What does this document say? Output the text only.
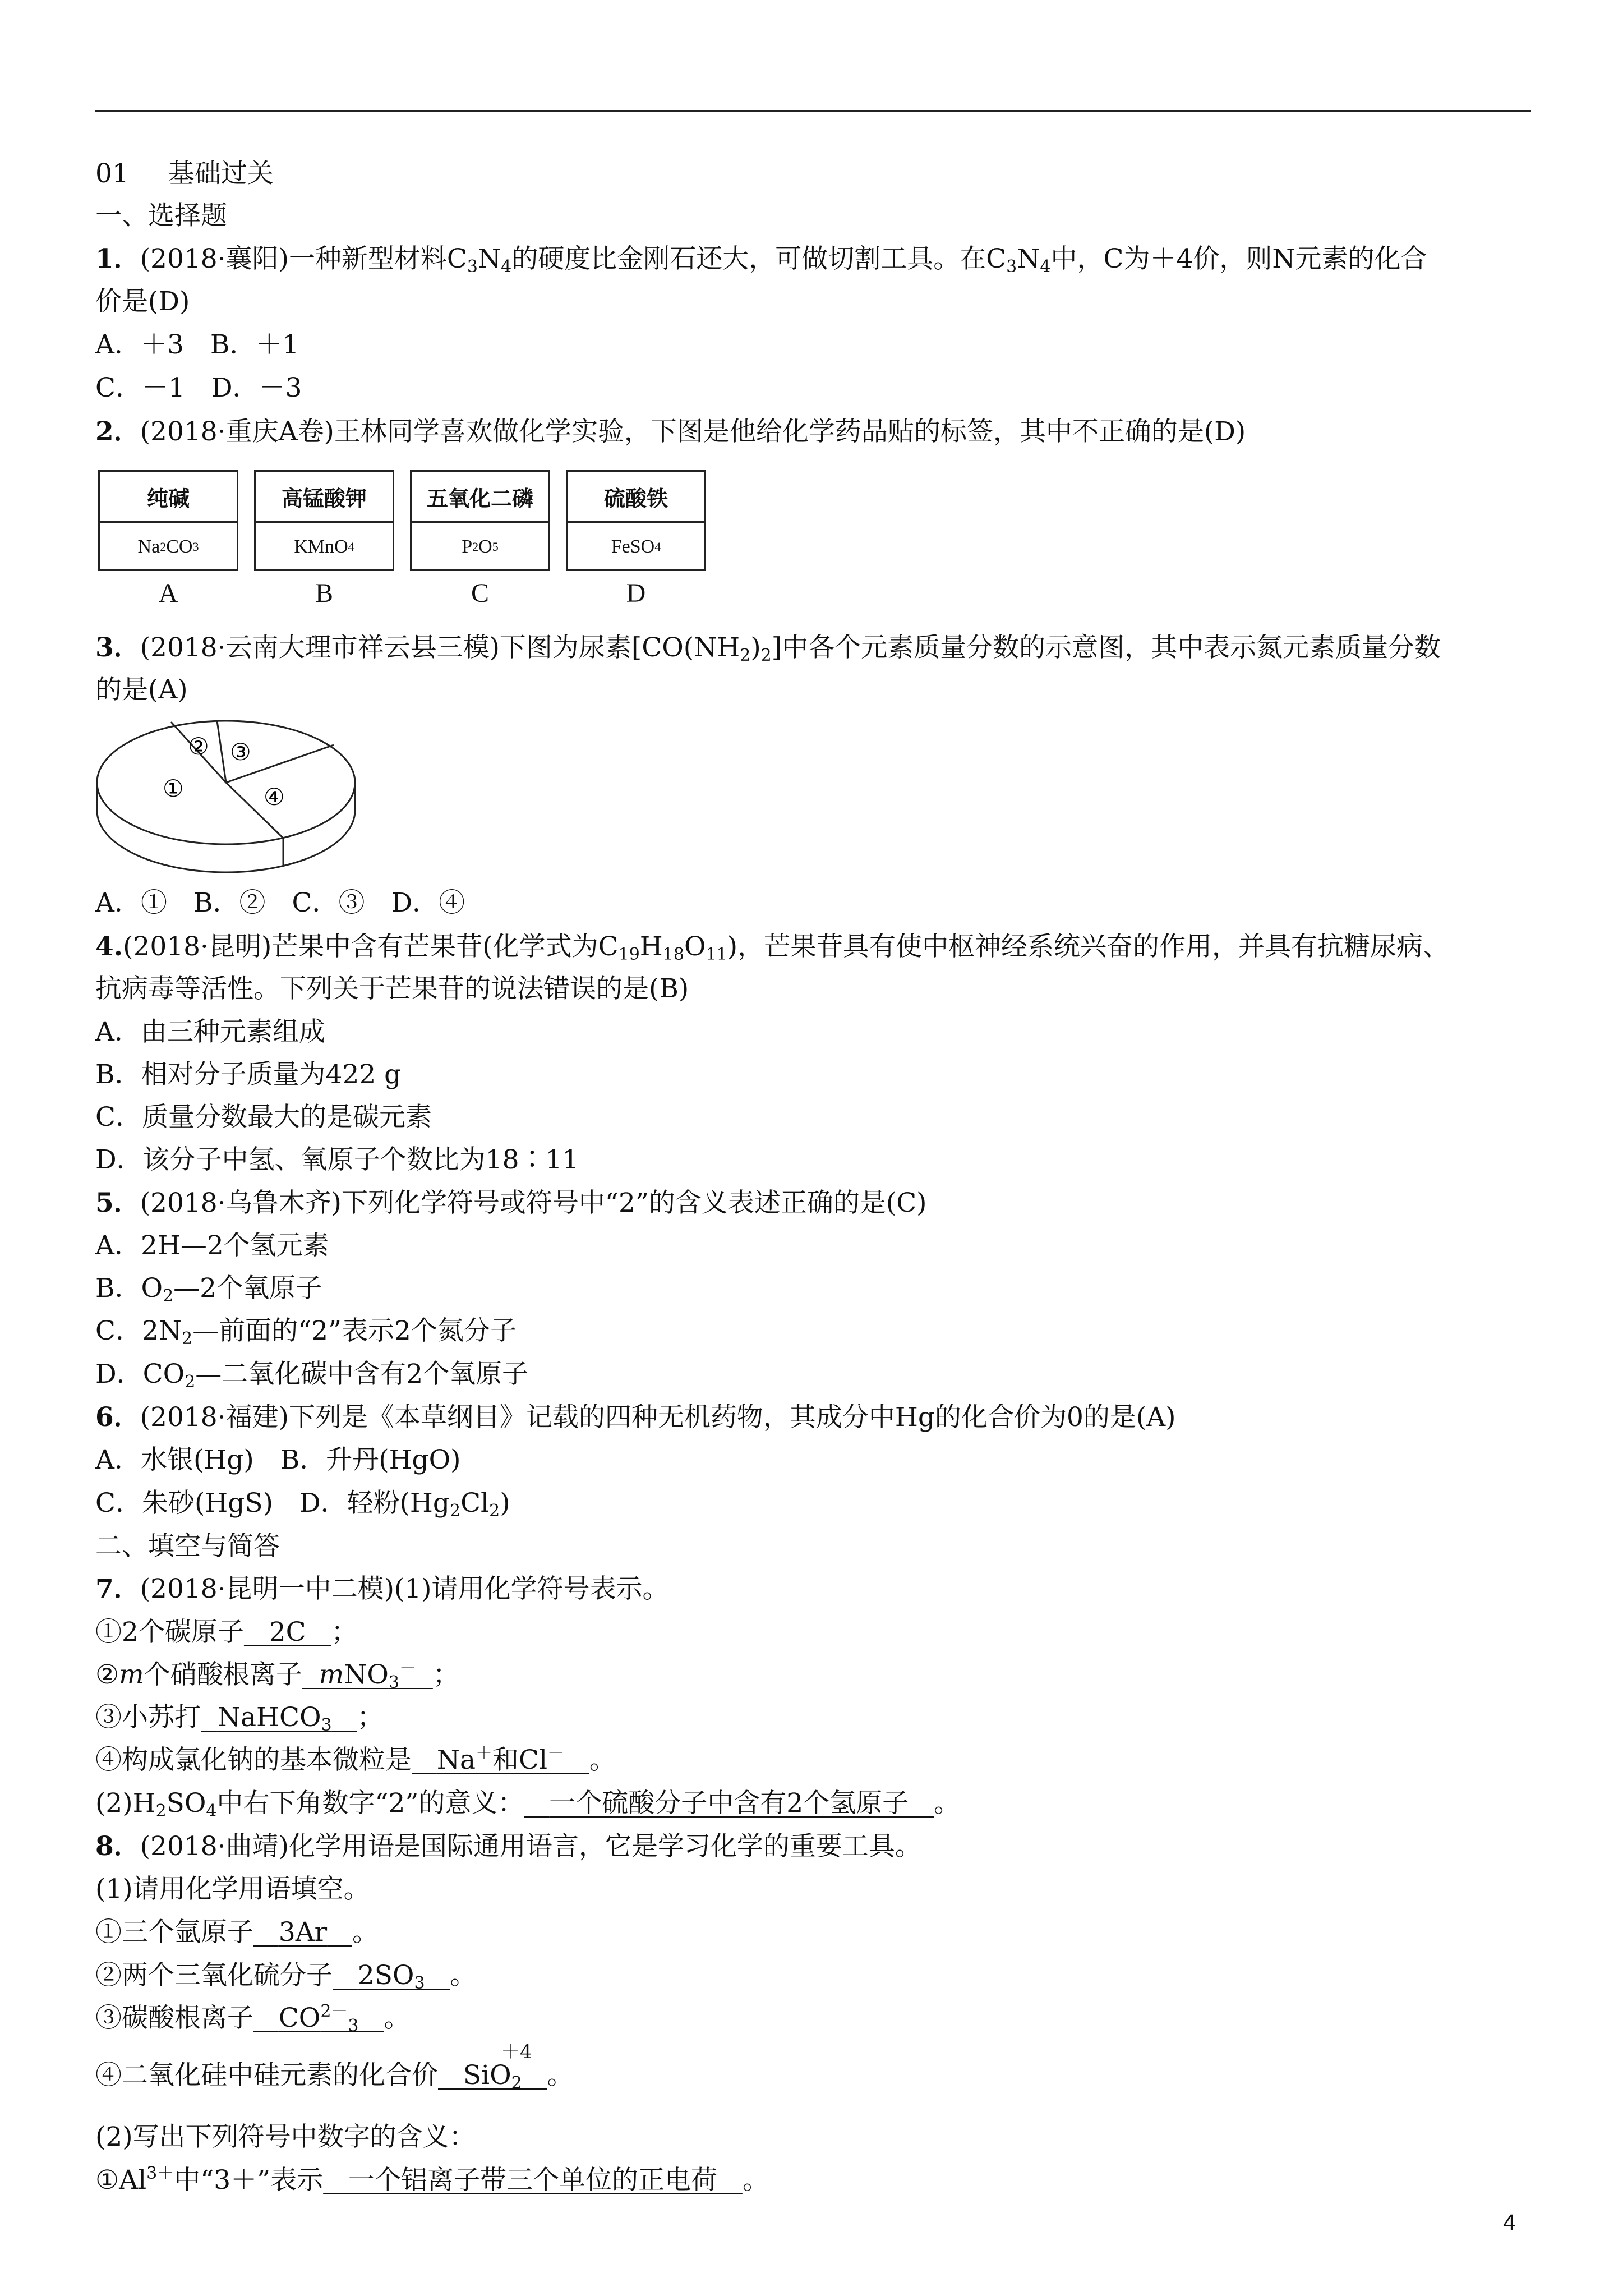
01 基础过关
一、选择题
1．(2018·襄阳)一种新型材料$C_3N_4$的硬度比金刚石还大，可做切割工具。在$C_3N_4$中，C为＋4价，则N元素的化合
价是(D)
A．＋3　B．＋1
C．－1　D．－3
2．(2018·重庆A卷)王林同学喜欢做化学实验，下图是他给化学药品贴的标签，其中不正确的是(D)
纯碱
Na 2 CO 3
高锰酸钾
KMnO 4
五氧化二磷
P 2 O 5
硫酸铁
FeSO 4
A	B	C	D
3．(2018·云南大理市祥云县三模)下图为尿素$[CO(NH_2)_2]$中各个元素质量分数的示意图，其中表示氮元素质量分数
的是(A)
①
② ③
④
A．①　B．②　C．③　D．④
4.(2018·昆明)芒果中含有芒果苷(化学式为$C_{19}H_{18}O_{11}$)，芒果苷具有使中枢神经系统兴奋的作用，并具有抗糖尿病、
抗病毒等活性。下列关于芒果苷的说法错误的是(B)
A．由三种元素组成
B．相对分子质量为422 g
C．质量分数最大的是碳元素
D．该分子中氢、氧原子个数比为18∶11
5．(2018·乌鲁木齐)下列化学符号或符号中“2”的含义表述正确的是(C)
A．2H—2个氢元素
B．$O_2—2$个氧原子
C．$2N_2—$前面的“2”表示2个氮分子
D．$CO_2—$二氧化碳中含有2个氧原子
6．(2018·福建)下列是《本草纲目》记载的四种无机药物，其成分中Hg的化合价为0的是(A)
A．水银(Hg)　B．升丹(HgO)
C．朱砂(HgS)　D．轻粉$(Hg_2Cl_2)$
二、填空与简答
7．(2018·昆明一中二模)(1)请用化学符号表示。
①2个碳原子 2C ；
②m个硝酸根离子 mNO$_3$－ ；
③小苏打 NaHCO$_3$ ；
④构成氯化钠的基本微粒是 Na＋和Cl－ 。
$(2)H_2SO_4$中右下角数字“2”的意义： 一个硫酸分子中含有2个氢原子 。
8．(2018·曲靖)化学用语是国际通用语言，它是学习化学的重要工具。
(1)请用化学用语填空。
①三个氩原子 3Ar 。
②两个三氧化硫分子 $2SO_3$ 。
③碳酸根离子 $CO^{2-}_3$ 。
＋4
④二氧化硅中硅元素的化合价 SiO$_2$ 。
(2)写出下列符号中数字的含义：
$①Al^{3+}$中“3＋”表示 一个铝离子带三个单位的正电荷 。
4
